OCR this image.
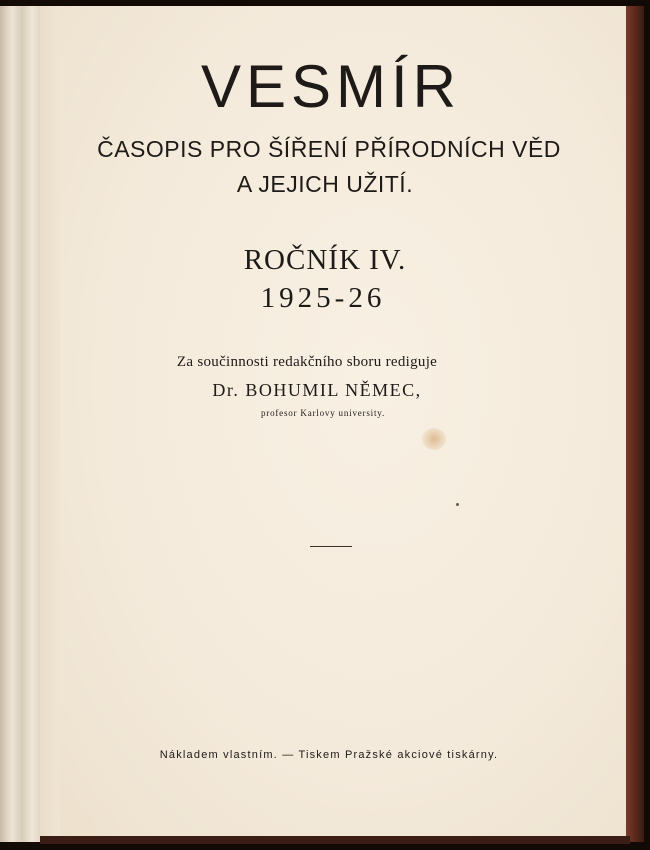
VESMÍR
ČASOPIS PRO ŠÍŘENÍ PŘÍRODNÍCH VĚD
A JEJICH UŽITÍ.
ROČNÍK IV.
1925-26
Za součinnosti redakčního sboru rediguje
Dr. BOHUMIL NĚMEC,
profesor Karlovy university.
Nákladem vlastním. — Tiskem Pražské akciové tiskárny.
